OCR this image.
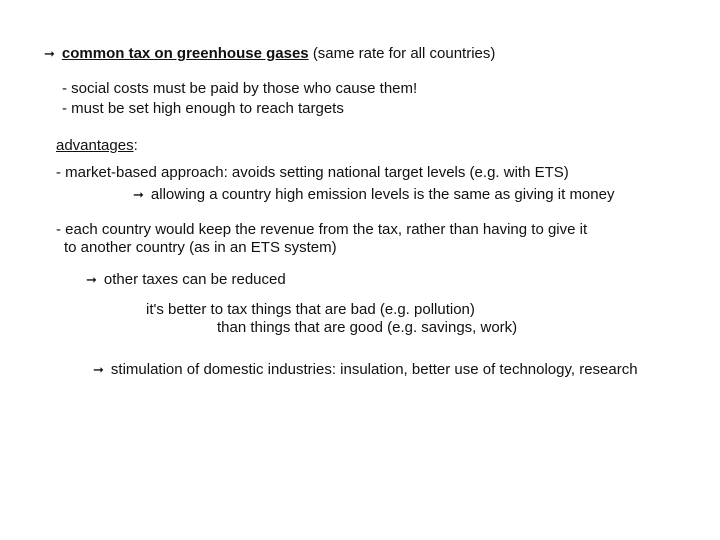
➞ common tax on greenhouse gases (same rate for all countries)
- social costs must be paid by those who cause them!
- must be set high enough to reach targets
advantages:
- market-based approach: avoids setting national target levels (e.g. with ETS)
➞ allowing a country high emission levels is the same as giving it money
- each country would keep the revenue from the tax, rather than having to give it
to another country (as in an ETS system)
➞ other taxes can be reduced
it's better to tax things that are bad (e.g. pollution)
than things that are good (e.g. savings, work)
➞ stimulation of domestic industries: insulation, better use of technology, research
